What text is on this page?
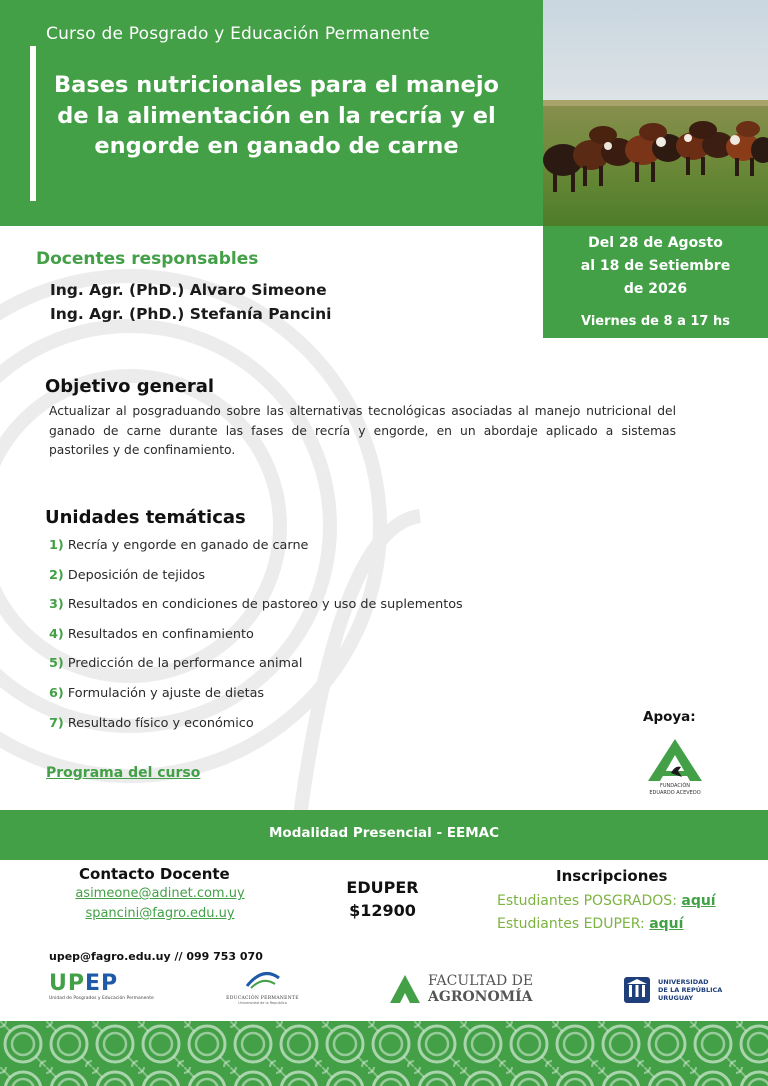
Curso de Posgrado y Educación Permanente
Bases nutricionales para el manejo de la alimentación en la recría y el engorde en ganado de carne
Del 28 de Agosto
al 18 de Setiembre
de 2026
Viernes de 8 a 17 hs
Docentes responsables
Ing. Agr. (PhD.) Alvaro Simeone
Ing. Agr. (PhD.) Stefanía Pancini
Objetivo general
Actualizar al posgraduando sobre las alternativas tecnológicas asociadas al manejo nutricional del ganado de carne durante las fases de recría y engorde, en un abordaje aplicado a sistemas pastoriles y de confinamiento.
Unidades temáticas
1) Recría y engorde en ganado de carne
2) Deposición de tejidos
3) Resultados en condiciones de pastoreo y uso de suplementos
4) Resultados en confinamiento
5) Predicción de la performance animal
6) Formulación y ajuste de dietas
7) Resultado físico y económico
Programa del curso
Apoya:
FUNDACIÓN
EDUARDO ACEVEDO
Modalidad Presencial - EEMAC
Contacto Docente
asimeone@adinet.com.uy
spancini@fagro.edu.uy
EDUPER
$12900
Inscripciones
Estudiantes POSGRADOS: aquí
Estudiantes EDUPER: aquí
upep@fagro.edu.uy // 099 753 070
UPEP
Unidad de Posgrados y Educación Permanente	EDUCACIÓN PERMANENTE
Universidad de la República
FACULTAD DE
AGRONOMÍA
UNIVERSIDAD
DE LA REPÚBLICA
URUGUAY
